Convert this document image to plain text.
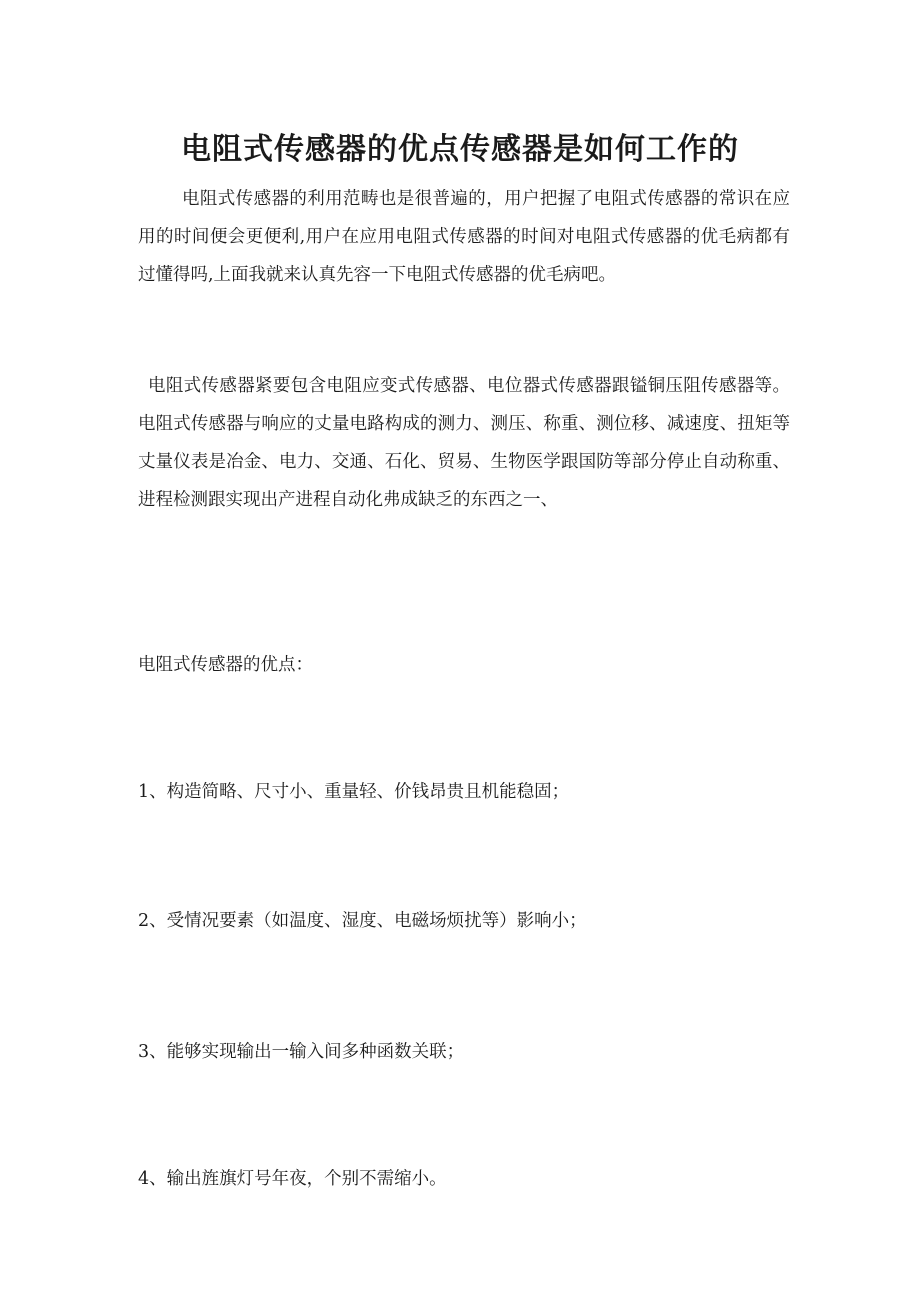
电阻式传感器的优点传感器是如何工作的

电阻式传感器的利用范畴也是很普遍的，用户把握了电阻式传感器的常识在应用的时间便会更便利,用户在应用电阻式传感器的时间对电阻式传感器的优毛病都有过懂得吗,上面我就来认真先容一下电阻式传感器的优毛病吧。

电阻式传感器紧要包含电阻应变式传感器、电位器式传感器跟镒铜压阻传感器等。电阻式传感器与响应的丈量电路构成的测力、测压、称重、测位移、减速度、扭矩等丈量仪表是冶金、电力、交通、石化、贸易、生物医学跟国防等部分停止自动称重、进程检测跟实现出产进程自动化弗成缺乏的东西之一、

电阻式传感器的优点：

1、构造简略、尺寸小、重量轻、价钱昂贵且机能稳固；

2、受情况要素（如温度、湿度、电磁场烦扰等）影响小；

3、能够实现输出一输入间多种函数关联；

4、输出旌旗灯号年夜，个别不需缩小。
